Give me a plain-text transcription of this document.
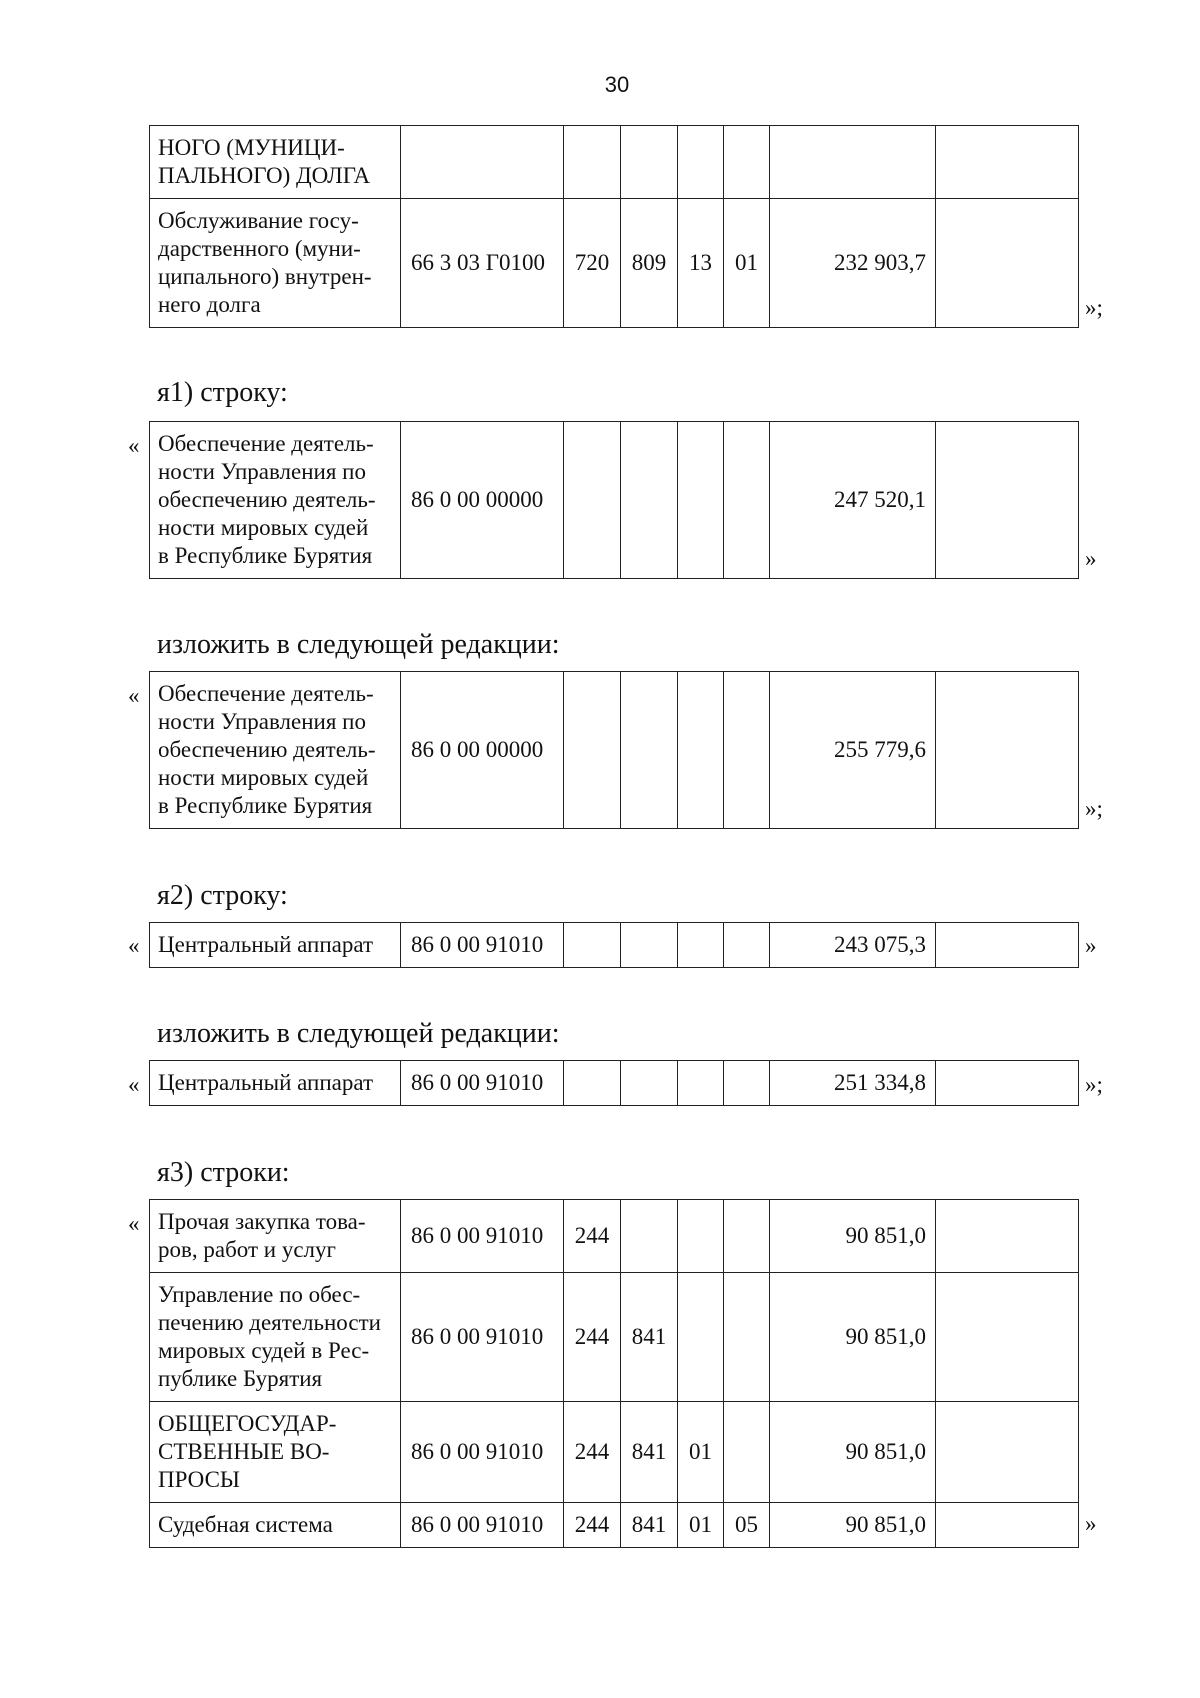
30
я1) строку:
изложить в следующей редакции:
я2) строку:
изложить в следующей редакции:
я3) строки:
НОГО (МУНИЦИ-
ПАЛЬНОГО) ДОЛГА							
Обслуживание госу-
дарственного (муни-
ципального) внутрен-
него долга	66 3 03 Г0100	720	809	13	01	232 903,7	
»;
« Обеспечение деятель-
ности Управления по
обеспечению деятель-
ности мировых судей
в Республике Бурятия	86 0 00 00000					247 520,1	
»
« Обеспечение деятель-
ности Управления по
обеспечению деятель-
ности мировых судей
в Республике Бурятия	86 0 00 00000					255 779,6	
»;
« Центральный аппарат	86 0 00 91010					243 075,3		»
« Центральный аппарат	86 0 00 91010					251 334,8		»;
« Прочая закупка това-
ров, работ и услуг	86 0 00 91010	244				90 851,0	
Управление по обес-
печению деятельности
мировых судей в Рес-
публике Бурятия	86 0 00 91010	244	841			90 851,0	
ОБЩЕГОСУДАР-
СТВЕННЫЕ ВО-
ПРОСЫ	86 0 00 91010	244	841	01		90 851,0	
Судебная система	86 0 00 91010	244	841	01	05	90 851,0		»
